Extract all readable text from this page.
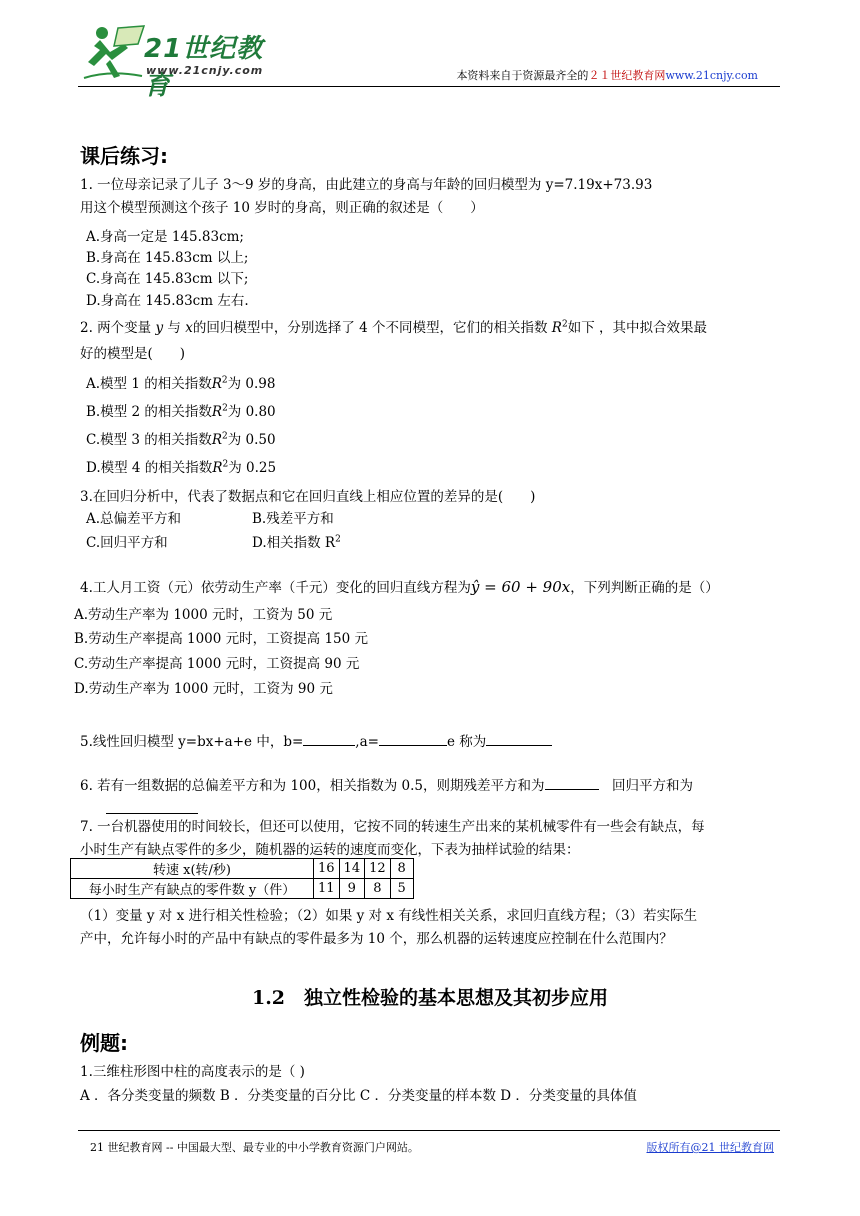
21世纪教育
www.21cnjy.com	本资料来自于资源最齐全的２１世纪教育网www.21cnjy.com
课后练习:
1. 一位母亲记录了儿子 3～9 岁的身高，由此建立的身高与年龄的回归模型为 y=7.19x+73.93
用这个模型预测这个孩子 10 岁时的身高，则正确的叙述是（　　）
A.身高一定是 145.83cm;
B.身高在 145.83cm 以上;
C.身高在 145.83cm 以下;
D.身高在 145.83cm 左右.
2. 两个变量 y 与 x的回归模型中，分别选择了 4 个不同模型，它们的相关指数 $R^2$如下 ，其中拟合效果最
好的模型是(　　)
A.模型 1 的相关指数$R^2$为 0.98
B.模型 2 的相关指数$R^2$为 0.80
C.模型 3 的相关指数$R^2$为 0.50
D.模型 4 的相关指数$R^2$为 0.25
3.在回归分析中，代表了数据点和它在回归直线上相应位置的差异的是(　　)
A.总偏差平方和	B.残差平方和
C.回归平方和	D.相关指数 $R^2$
4.工人月工资（元）依劳动生产率（千元）变化的回归直线方程为ŷ = 60 + 90x，下列判断正确的是（）
A.劳动生产率为 1000 元时，工资为 50 元
B.劳动生产率提高 1000 元时，工资提高 150 元
C.劳动生产率提高 1000 元时，工资提高 90 元
D.劳动生产率为 1000 元时，工资为 90 元
5.线性回归模型 y=bx+a+e 中，b=	,a=	e 称为
6. 若有一组数据的总偏差平方和为 100，相关指数为 0.5，则期残差平方和为　	回归平方和为
7. 一台机器使用的时间较长，但还可以使用，它按不同的转速生产出来的某机械零件有一些会有缺点，每
小时生产有缺点零件的多少，随机器的运转的速度而变化，下表为抽样试验的结果：
转速 x(转/秒)	16	14	12	8
每小时生产有缺点的零件数 y（件）	11	9	8	5
（1）变量 y 对 x 进行相关性检验；（2）如果 y 对 x 有线性相关关系，求回归直线方程；（3）若实际生
产中，允许每小时的产品中有缺点的零件最多为 10 个，那么机器的运转速度应控制在什么范围内？
1.2　独立性检验的基本思想及其初步应用
例题:
1.三维柱形图中柱的高度表示的是（ )
A ．各分类变量的频数 B ．分类变量的百分比 C ．分类变量的样本数 D ．分类变量的具体值
21 世纪教育网 -- 中国最大型、最专业的中小学教育资源门户网站。	版权所有@21 世纪教育网
